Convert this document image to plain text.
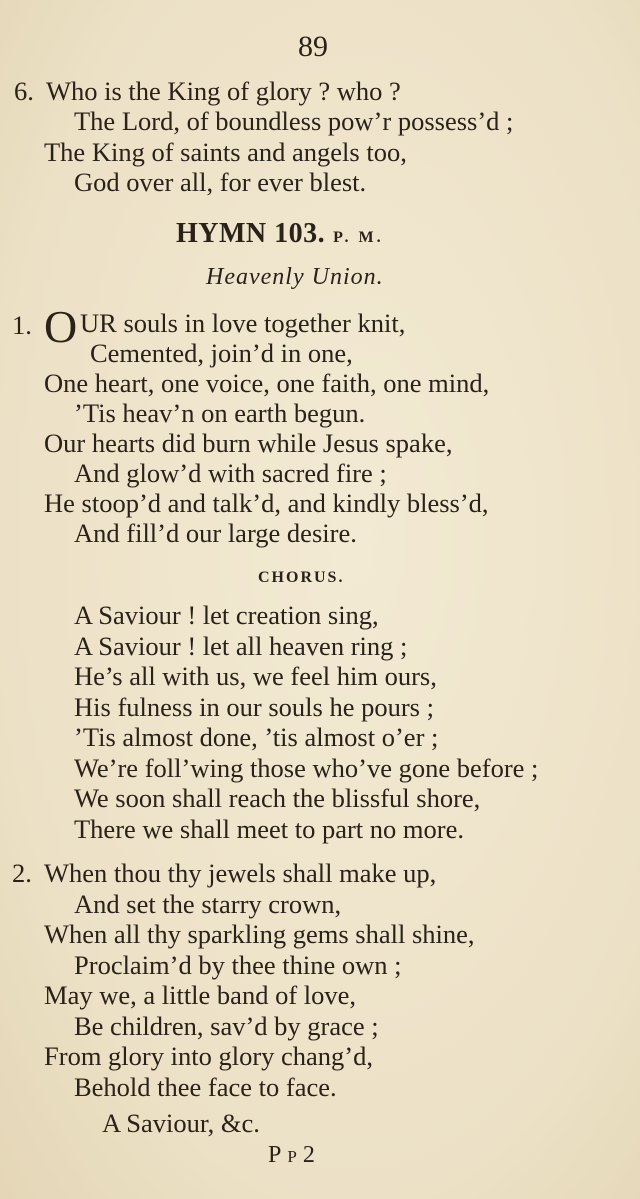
89
6. Who is the King of glory ? who ?
The Lord, of boundless pow’r possess’d ;
The King of saints and angels too,
God over all, for ever blest.
HYMN 103. P. M.
Heavenly Union.
1. O UR souls in love together knit,
Cemented, join’d in one,
One heart, one voice, one faith, one mind,
’Tis heav’n on earth begun.
Our hearts did burn while Jesus spake,
And glow’d with sacred fire ;
He stoop’d and talk’d, and kindly bless’d,
And fill’d our large desire.
CHORUS.
A Saviour ! let creation sing,
A Saviour ! let all heaven ring ;
He’s all with us, we feel him ours,
His fulness in our souls he pours ;
’Tis almost done, ’tis almost o’er ;
We’re foll’wing those who’ve gone before ;
We soon shall reach the blissful shore,
There we shall meet to part no more.
2. When thou thy jewels shall make up,
And set the starry crown,
When all thy sparkling gems shall shine,
Proclaim’d by thee thine own ;
May we, a little band of love,
Be children, sav’d by grace ;
From glory into glory chang’d,
Behold thee face to face.
A Saviour, &c.
PP2
